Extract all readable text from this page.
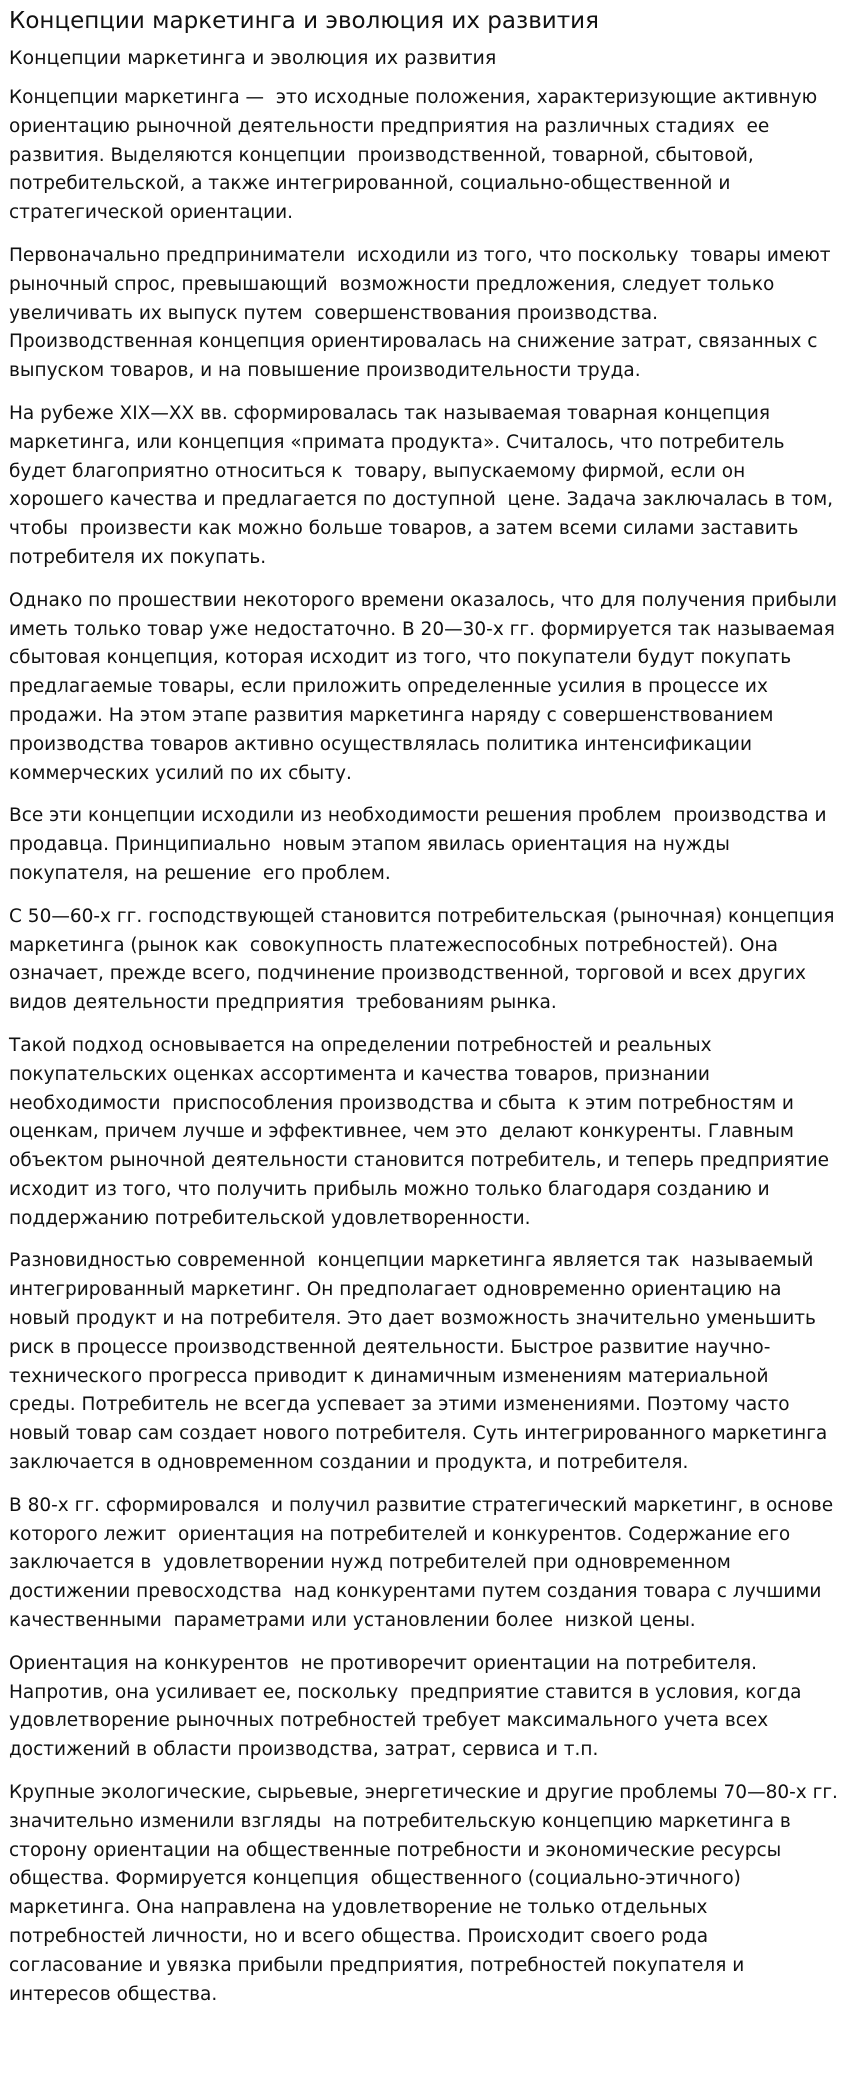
Концепции маркетинга и эволюция их развития
Концепции маркетинга и эволюция их развития

Концепции маркетинга —  это исходные положения, характеризующие активную ориентацию рыночной деятельности предприятия на различных стадиях  ее развития. Выделяются концепции  производственной, товарной, сбытовой, потребительской, а также интегрированной, социально-общественной и стратегической ориентации.

Первоначально предприниматели  исходили из того, что поскольку  товары имеют рыночный спрос, превышающий  возможности предложения, следует только увеличивать их выпуск путем  совершенствования производства. Производственная концепция ориентировалась на снижение затрат, связанных с выпуском товаров, и на повышение производительности труда.

На рубеже XIX—XX вв. сформировалась так называемая товарная концепция маркетинга, или концепция «примата продукта». Считалось, что потребитель будет благоприятно относиться к  товару, выпускаемому фирмой, если он хорошего качества и предлагается по доступной  цене. Задача заключалась в том, чтобы  произвести как можно больше товаров, а затем всеми силами заставить  потребителя их покупать.

Однако по прошествии некоторого времени оказалось, что для получения прибыли иметь только товар уже недостаточно. В 20—30-х гг. формируется так называемая сбытовая концепция, которая исходит из того, что покупатели будут покупать предлагаемые товары, если приложить определенные усилия в процессе их продажи. На этом этапе развития маркетинга наряду с совершенствованием производства товаров активно осуществлялась политика интенсификации коммерческих усилий по их сбыту.

Все эти концепции исходили из необходимости решения проблем  производства и продавца. Принципиально  новым этапом явилась ориентация на нужды покупателя, на решение  его проблем.

С 50—60-х гг. господствующей становится потребительская (рыночная) концепция маркетинга (рынок как  совокупность платежеспособных потребностей). Она означает, прежде всего, подчинение производственной, торговой и всех других видов деятельности предприятия  требованиям рынка.

Такой подход основывается на определении потребностей и реальных покупательских оценках ассортимента и качества товаров, признании необходимости  приспособления производства и сбыта  к этим потребностям и оценкам, причем лучше и эффективнее, чем это  делают конкуренты. Главным объектом рыночной деятельности становится потребитель, и теперь предприятие исходит из того, что получить прибыль можно только благодаря созданию и поддержанию потребительской удовлетворенности.

Разновидностью современной  концепции маркетинга является так  называемый интегрированный маркетинг. Он предполагает одновременно ориентацию на новый продукт и на потребителя. Это дает возможность значительно уменьшить риск в процессе производственной деятельности. Быстрое развитие научно-технического прогресса приводит к динамичным изменениям материальной среды. Потребитель не всегда успевает за этими изменениями. Поэтому часто новый товар сам создает нового потребителя. Суть интегрированного маркетинга заключается в одновременном создании и продукта, и потребителя.

В 80-х гг. сформировался  и получил развитие стратегический маркетинг, в основе которого лежит  ориентация на потребителей и конкурентов. Содержание его заключается в  удовлетворении нужд потребителей при одновременном достижении превосходства  над конкурентами путем создания товара с лучшими качественными  параметрами или установлении более  низкой цены.

Ориентация на конкурентов  не противоречит ориентации на потребителя. Напротив, она усиливает ее, поскольку  предприятие ставится в условия, когда удовлетворение рыночных потребностей требует максимального учета всех достижений в области производства, затрат, сервиса и т.п.

Крупные экологические, сырьевые, энергетические и другие проблемы 70—80-х гг. значительно изменили взгляды  на потребительскую концепцию маркетинга в сторону ориентации на общественные потребности и экономические ресурсы общества. Формируется концепция  общественного (социально-этичного) маркетинга. Она направлена на удовлетворение не только отдельных потребностей личности, но и всего общества. Происходит своего рода согласование и увязка прибыли предприятия, потребностей покупателя и интересов общества.
